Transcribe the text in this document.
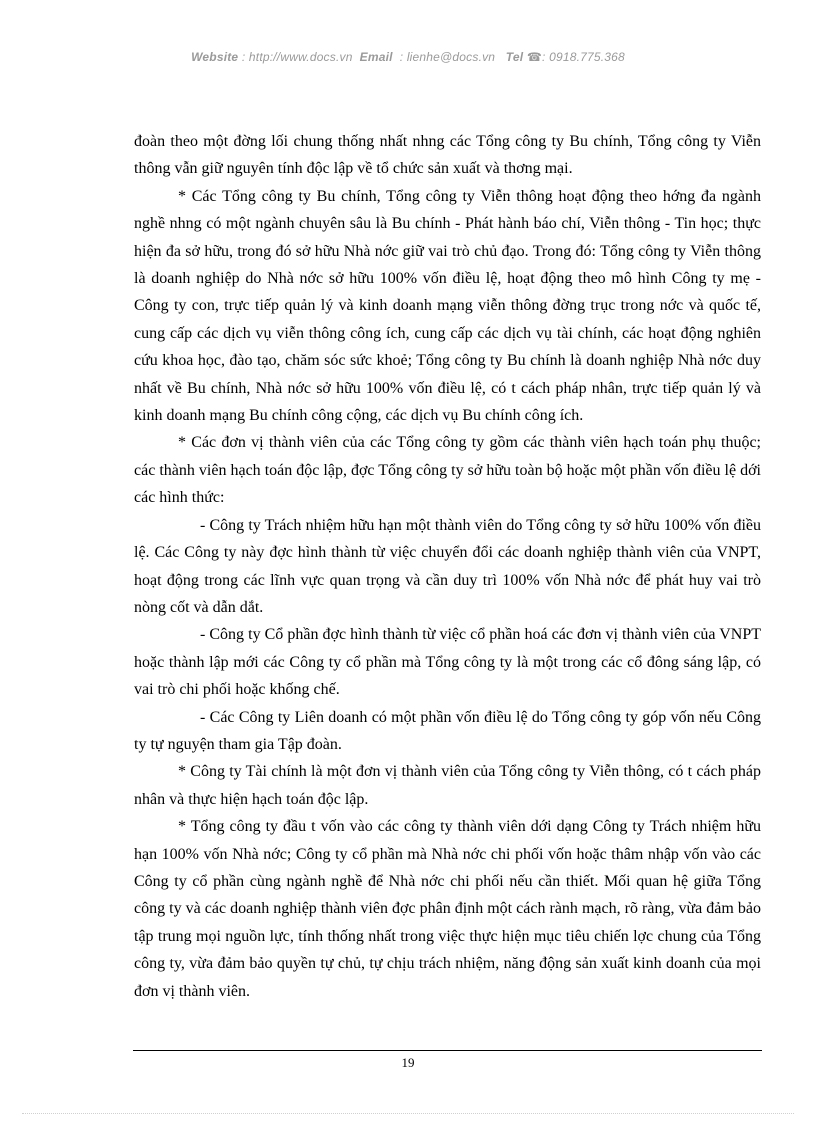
Website : http://www.docs.vn Email : lienhe@docs.vn Tel ☎: 0918.775.368

đoàn theo một đờng lối chung thống nhất nhng các Tổng công ty Bu chính, Tổng công ty Viễn thông vẫn giữ nguyên tính độc lập về tổ chức sản xuất và thơng mại.

* Các Tổng công ty Bu chính, Tổng công ty Viễn thông hoạt động theo hớng đa ngành nghề nhng có một ngành chuyên sâu là Bu chính - Phát hành báo chí, Viễn thông - Tin học; thực hiện đa sở hữu, trong đó sở hữu Nhà nớc giữ vai trò chủ đạo. Trong đó: Tổng công ty Viễn thông là doanh nghiệp do Nhà nớc sở hữu 100% vốn điều lệ, hoạt động theo mô hình Công ty mẹ - Công ty con, trực tiếp quản lý và kinh doanh mạng viễn thông đờng trục trong nớc và quốc tế, cung cấp các dịch vụ viễn thông công ích, cung cấp các dịch vụ tài chính, các hoạt động nghiên cứu khoa học, đào tạo, chăm sóc sức khoẻ; Tổng công ty Bu chính là doanh nghiệp Nhà nớc duy nhất về Bu chính, Nhà nớc sở hữu 100% vốn điều lệ, có t cách pháp nhân, trực tiếp quản lý và kinh doanh mạng Bu chính công cộng, các dịch vụ Bu chính công ích.

* Các đơn vị thành viên của các Tổng công ty gồm các thành viên hạch toán phụ thuộc; các thành viên hạch toán độc lập, đợc Tổng công ty sở hữu toàn bộ hoặc một phần vốn điều lệ dới các hình thức:

- Công ty Trách nhiệm hữu hạn một thành viên do Tổng công ty sở hữu 100% vốn điều lệ. Các Công ty này đợc hình thành từ việc chuyển đổi các doanh nghiệp thành viên của VNPT, hoạt động trong các lĩnh vực quan trọng và cần duy trì 100% vốn Nhà nớc để phát huy vai trò nòng cốt và dẫn dắt.

- Công ty Cổ phần đợc hình thành từ việc cổ phần hoá các đơn vị thành viên của VNPT hoặc thành lập mới các Công ty cổ phần mà Tổng công ty là một trong các cổ đông sáng lập, có vai trò chi phối hoặc khống chế.

- Các Công ty Liên doanh có một phần vốn điều lệ do Tổng công ty góp vốn nếu Công ty tự nguyện tham gia Tập đoàn.

* Công ty Tài chính là một đơn vị thành viên của Tổng công ty Viễn thông, có t cách pháp nhân và thực hiện hạch toán độc lập.

* Tổng công ty đầu t vốn vào các công ty thành viên dới dạng Công ty Trách nhiệm hữu hạn 100% vốn Nhà nớc; Công ty cổ phần mà Nhà nớc chi phối vốn hoặc thâm nhập vốn vào các Công ty cổ phần cùng ngành nghề để Nhà nớc chi phối nếu cần thiết. Mối quan hệ giữa Tổng công ty và các doanh nghiệp thành viên đợc phân định một cách rành mạch, rõ ràng, vừa đảm bảo tập trung mọi nguồn lực, tính thống nhất trong việc thực hiện mục tiêu chiến lợc chung của Tổng công ty, vừa đảm bảo quyền tự chủ, tự chịu trách nhiệm, năng động sản xuất kinh doanh của mọi đơn vị thành viên.

19
